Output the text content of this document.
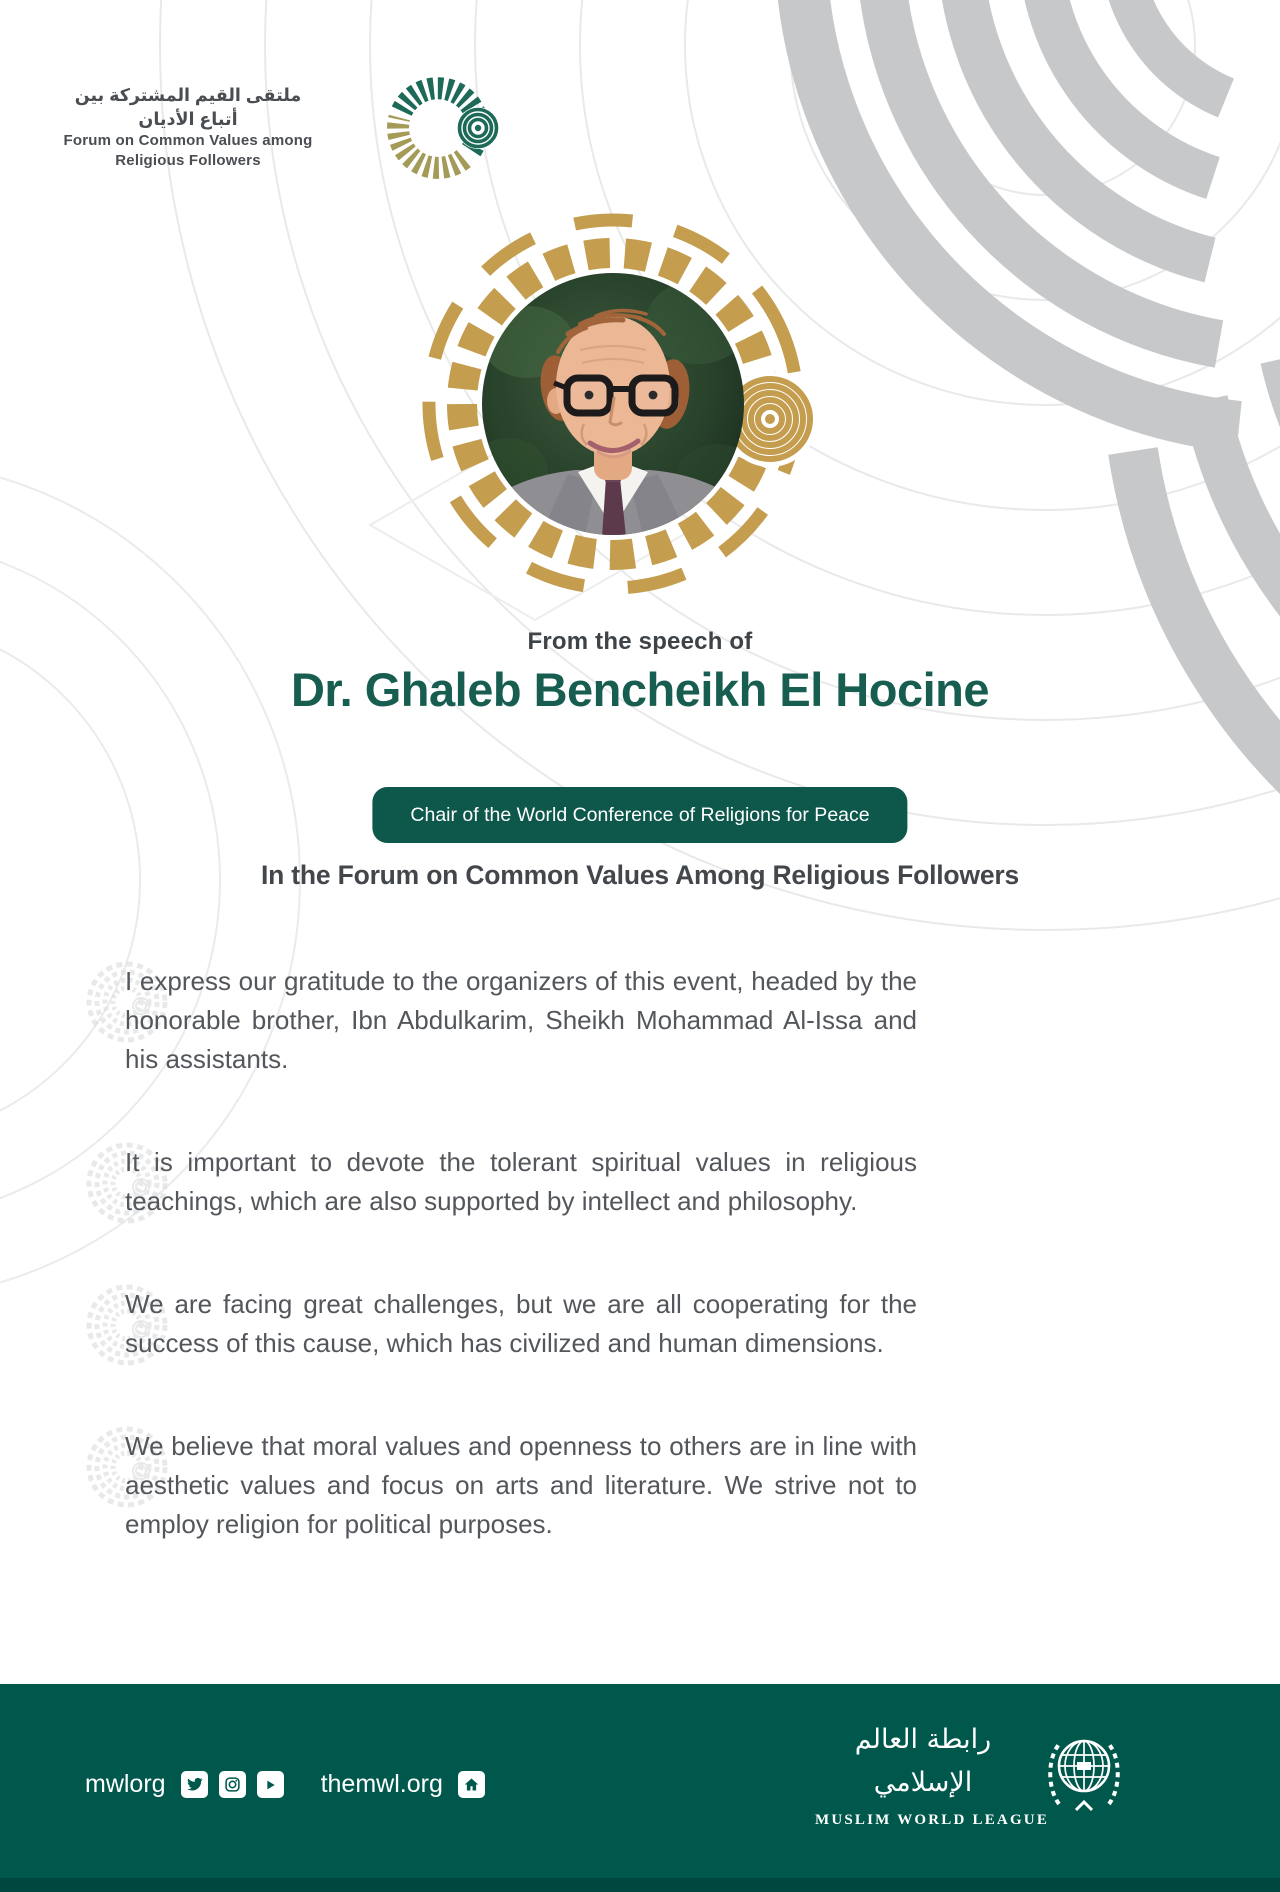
ملتقى القيم المشتركة بين أتباع الأديان
Forum on Common Values among
Religious Followers
From the speech of
Dr. Ghaleb Bencheikh El Hocine
Chair of the World Conference of Religions for Peace
In the Forum on Common Values Among Religious Followers

I express our gratitude to the organizers of this event, headed by the honorable brother, Ibn Abdulkarim, Sheikh Mohammad Al-Issa and his assistants.

It is important to devote the tolerant spiritual values in religious teachings, which are also supported by intellect and philosophy.

We are facing great challenges, but we are all cooperating for the success of this cause, which has civilized and human dimensions.

We believe that moral values and openness to others are in line with aesthetic values and focus on arts and literature. We strive not to employ religion for political purposes.

mwlorg	themwl.org
رابطة العالم الإسلامي
MUSLIM WORLD LEAGUE
